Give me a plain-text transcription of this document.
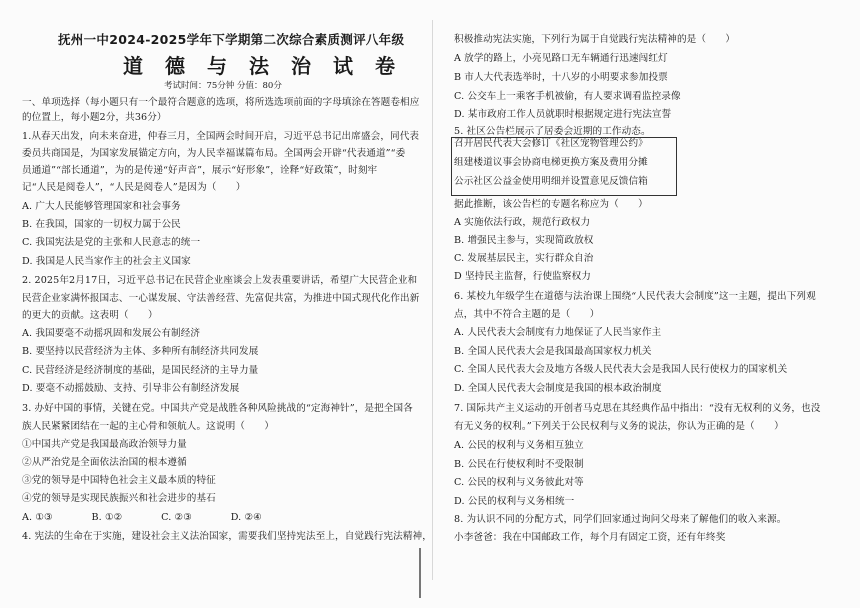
抚州一中2024-2025学年下学期第二次综合素质测评八年级
道德与法治试卷
考试时间：75分钟 分值：80分
一、单项选择（每小题只有一个最符合题意的选项，将所选选项前面的字母填涂在答题卷相应
的位置上，每小题2分，共36分）
1.从春天出发，向未来奋进，仲春三月，全国两会时间开启，习近平总书记出席盛会，同代表
委员共商国是，为国家发展锚定方向，为人民幸福谋篇布局。全国两会开辟“代表通道”“委
员通道”“部长通道”，为的是传递“好声音”，展示“好形象”，诠释“好政策”，时刻牢
记“人民是阅卷人”，“人民是阅卷人”是因为（　　）
A. 广大人民能够管理国家和社会事务
B. 在我国，国家的一切权力属于公民
C. 我国宪法是党的主张和人民意志的统一
D. 我国是人民当家作主的社会主义国家
2. 2025年2月17日，习近平总书记在民营企业座谈会上发表重要讲话，希望广大民营企业和
民营企业家满怀报国志、一心谋发展、守法善经营、先富促共富，为推进中国式现代化作出新
的更大的贡献。这表明（　　）
A. 我国要毫不动摇巩固和发展公有制经济
B. 要坚持以民营经济为主体、多种所有制经济共同发展
C. 民营经济是经济制度的基础，是国民经济的主导力量
D. 要毫不动摇鼓励、支持、引导非公有制经济发展
3. 办好中国的事情，关键在党。中国共产党是战胜各种风险挑战的“定海神针”，是把全国各
族人民紧紧团结在一起的主心骨和领航人。这说明（　　）
①中国共产党是我国最高政治领导力量
②从严治党是全面依法治国的根本遵循
③党的领导是中国特色社会主义最本质的特征
④党的领导是实现民族振兴和社会进步的基石
A. ①③　　　　B. ①②　　　　C. ②③　　　　D. ②④
4. 宪法的生命在于实施，建设社会主义法治国家，需要我们坚持宪法至上，自觉践行宪法精神，
积极推动宪法实施，下列行为属于自觉践行宪法精神的是（　　）
A 放学的路上，小亮见路口无车辆通行迅速闯红灯
B 市人大代表选举时，十八岁的小明要求参加投票
C. 公交车上一乘客手机被偷，有人要求调看监控录像
D. 某市政府工作人员就职时根据规定进行宪法宣誓
5. 社区公告栏展示了居委会近期的工作动态。
召开居民代表大会修订《社区宠物管理公约》
组建楼道议事会协商电梯更换方案及费用分摊
公示社区公益金使用明细并设置意见反馈信箱
据此推断，该公告栏的专题名称应为（　　）
A 实施依法行政，规范行政权力
B. 增强民主参与，实现简政放权
C. 发展基层民主，实行群众自治
D 坚持民主监督，行使监察权力
6. 某校九年级学生在道德与法治课上围绕“人民代表大会制度”这一主题，提出下列观
点，其中不符合主题的是（　　）
A. 人民代表大会制度有力地保证了人民当家作主
B. 全国人民代表大会是我国最高国家权力机关
C. 全国人民代表大会及地方各级人民代表大会是我国人民行使权力的国家机关
D. 全国人民代表大会制度是我国的根本政治制度
7. 国际共产主义运动的开创者马克思在其经典作品中指出：“没有无权利的义务，也没
有无义务的权利。”下列关于公民权利与义务的说法，你认为正确的是（　　）
A. 公民的权利与义务相互独立
B. 公民在行使权利时不受限制
C. 公民的权利与义务彼此对等
D. 公民的权利与义务相统一
8. 为认识不同的分配方式，同学们回家通过询问父母来了解他们的收入来源。
小李爸爸：我在中国邮政工作，每个月有固定工资，还有年终奖
